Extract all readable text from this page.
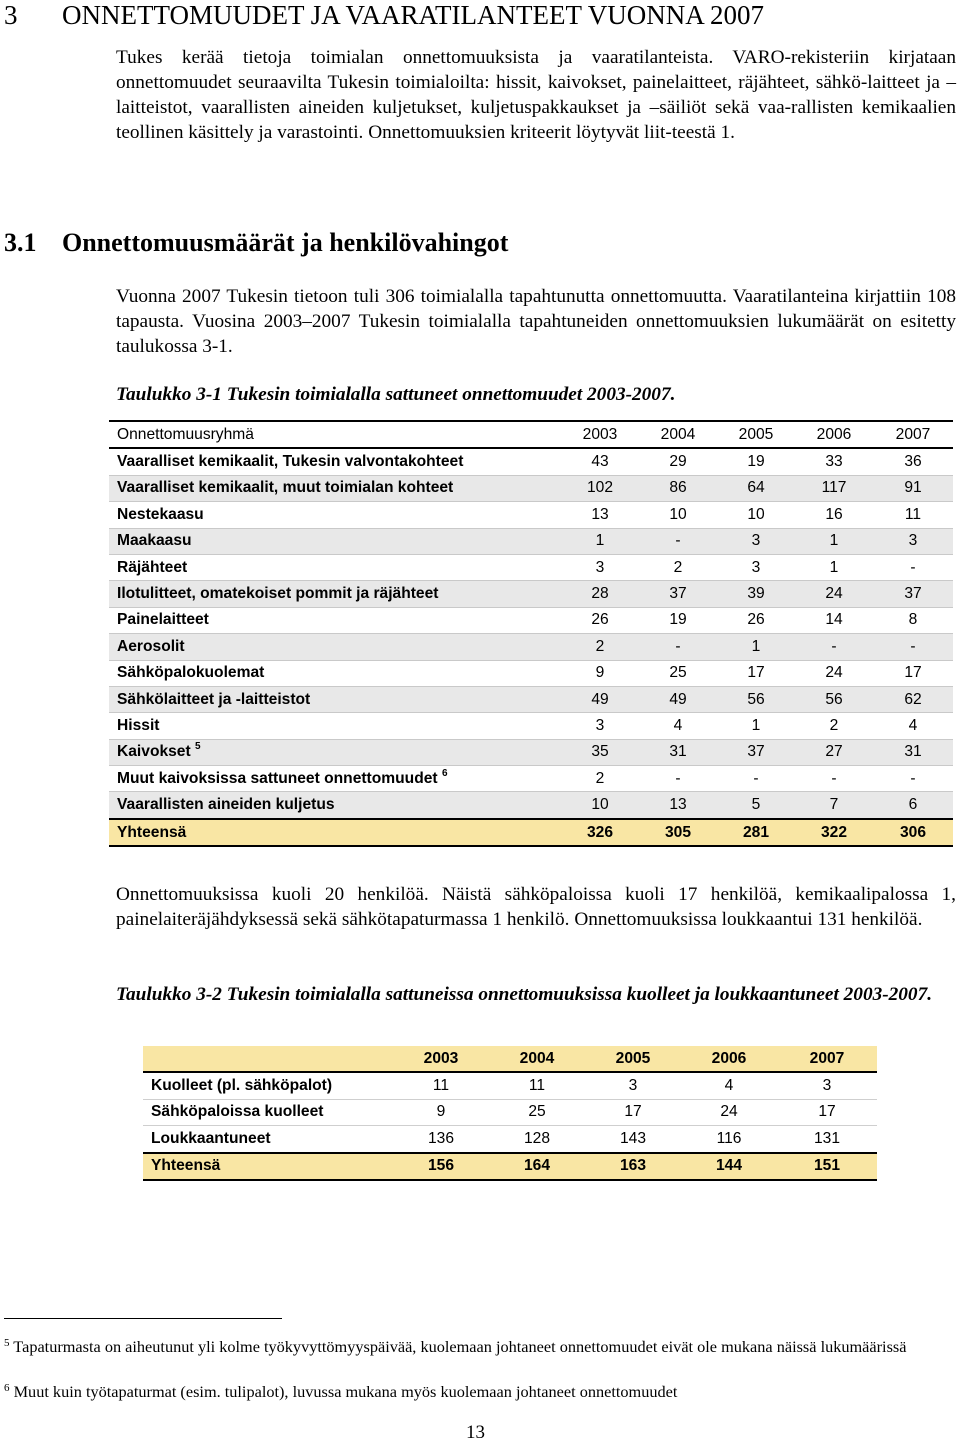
3 ONNETTOMUUDET JA VAARATILANTEET VUONNA 2007
Tukes kerää tietoja toimialan onnettomuuksista ja vaaratilanteista. VARO-rekisteriin kirjataan onnettomuudet seuraavilta Tukesin toimialoilta: hissit, kaivokset, painelaitteet, räjähteet, sähkö-laitteet ja –laitteistot, vaarallisten aineiden kuljetukset, kuljetuspakkaukset ja –säiliöt sekä vaa-rallisten kemikaalien teollinen käsittely ja varastointi. Onnettomuuksien kriteerit löytyvät liit-teestä 1.
3.1 Onnettomuusmäärät ja henkilövahingot
Vuonna 2007 Tukesin tietoon tuli 306 toimialalla tapahtunutta onnettomuutta. Vaaratilanteina kirjattiin 108 tapausta. Vuosina 2003–2007 Tukesin toimialalla tapahtuneiden onnettomuuksien lukumäärät on esitetty taulukossa 3-1.
Taulukko 3-1 Tukesin toimialalla sattuneet onnettomuudet 2003-2007.
Onnettomuusryhmä	2003	2004	2005	2006	2007
Vaaralliset kemikaalit, Tukesin valvontakohteet	43	29	19	33	36
Vaaralliset kemikaalit, muut toimialan kohteet	102	86	64	117	91
Nestekaasu	13	10	10	16	11
Maakaasu	1	-	3	1	3
Räjähteet	3	2	3	1	-
Ilotulitteet, omatekoiset pommit ja räjähteet	28	37	39	24	37
Painelaitteet	26	19	26	14	8
Aerosolit	2	-	1	-	-
Sähköpalokuolemat	9	25	17	24	17
Sähkölaitteet ja -laitteistot	49	49	56	56	62
Hissit	3	4	1	2	4
Kaivokset $^5$	35	31	37	27	31
Muut kaivoksissa sattuneet onnettomuudet $^6$	2	-	-	-	-
Vaarallisten aineiden kuljetus	10	13	5	7	6
Yhteensä	326	305	281	322	306
Onnettomuuksissa kuoli 20 henkilöä. Näistä sähköpaloissa kuoli 17 henkilöä, kemikaalipalossa 1, painelaiteräjähdyksessä sekä sähkötapaturmassa 1 henkilö. Onnettomuuksissa loukkaantui 131 henkilöä.
Taulukko 3-2 Tukesin toimialalla sattuneissa onnettomuuksissa kuolleet ja loukkaantuneet 2003-2007.
	2003	2004	2005	2006	2007
Kuolleet (pl. sähköpalot)	11	11	3	4	3
Sähköpaloissa kuolleet	9	25	17	24	17
Loukkaantuneet	136	128	143	116	131
Yhteensä	156	164	163	144	151
$^5$ Tapaturmasta on aiheutunut yli kolme työkyvyttömyyspäivää, kuolemaan johtaneet onnettomuudet eivät ole mukana näissä lukumäärissä
$^6$ Muut kuin työtapaturmat (esim. tulipalot), luvussa mukana myös kuolemaan johtaneet onnettomuudet
13
